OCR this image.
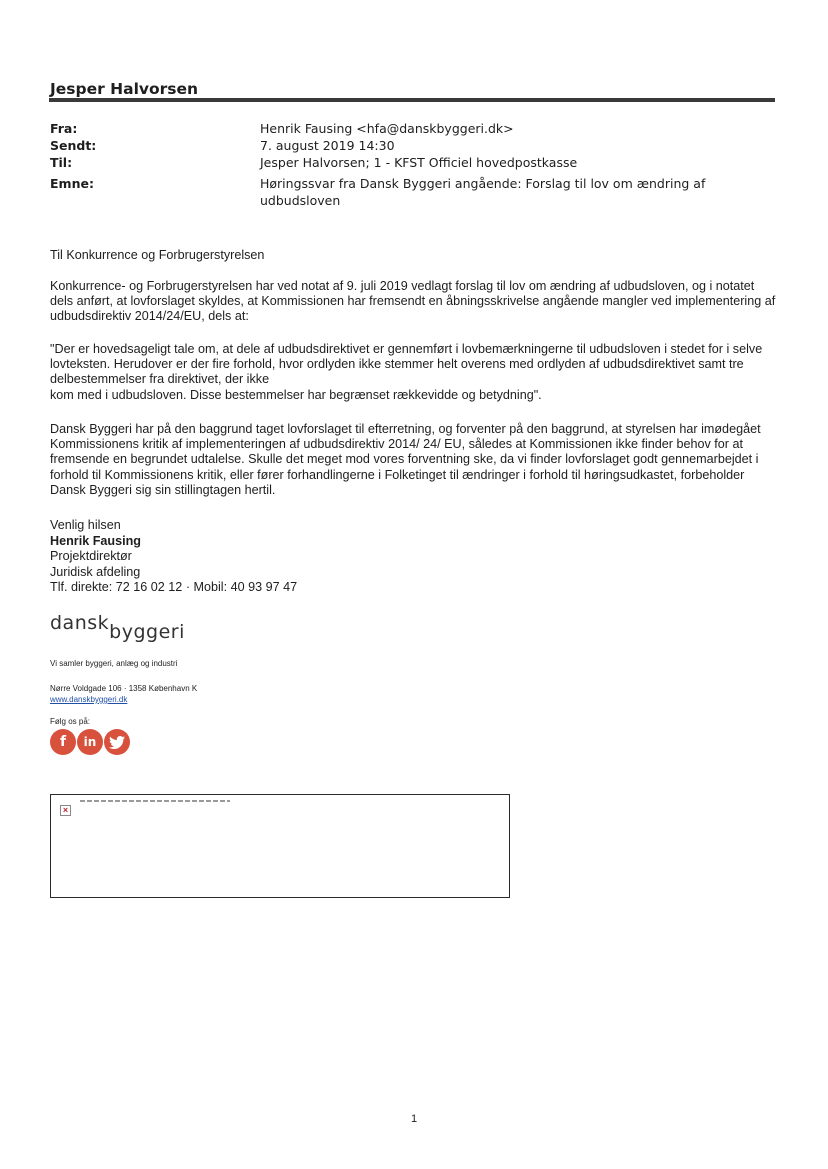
Jesper Halvorsen
Fra:	Henrik Fausing <hfa@danskbyggeri.dk>
Sendt:	7. august 2019 14:30
Til:	Jesper Halvorsen; 1 - KFST Officiel hovedpostkasse
Emne:	Høringssvar fra Dansk Byggeri angående: Forslag til lov om ændring af udbudsloven

Til Konkurrence og Forbrugerstyrelsen

Konkurrence- og Forbrugerstyrelsen har ved notat af 9. juli 2019 vedlagt forslag til lov om ændring af udbudsloven, og i notatet dels anført, at lovforslaget skyldes, at Kommissionen har fremsendt en åbningsskrivelse angående mangler ved implementering af udbudsdirektiv 2014/24/EU, dels at:

"Der er hovedsageligt tale om, at dele af udbudsdirektivet er gennemført i lovbemærkningerne til udbudsloven i stedet for i selve lovteksten. Herudover er der fire forhold, hvor ordlyden ikke stemmer helt overens med ordlyden af udbudsdirektivet samt tre delbestemmelser fra direktivet, der ikke
kom med i udbudsloven. Disse bestemmelser har begrænset rækkevidde og betydning".

Dansk Byggeri har på den baggrund taget lovforslaget til efterretning, og forventer på den baggrund, at styrelsen har imødegået Kommissionens kritik af implementeringen af udbudsdirektiv 2014/ 24/ EU, således at Kommissionen ikke finder behov for at fremsende en begrundet udtalelse. Skulle det meget mod vores forventning ske, da vi finder lovforslaget godt gennemarbejdet i forhold til Kommissionens kritik, eller fører forhandlingerne i Folketinget til ændringer i forhold til høringsudkastet, forbeholder Dansk Byggeri sig sin stillingtagen hertil.

Venlig hilsen
Henrik Fausing
Projektdirektør
Juridisk afdeling
Tlf. direkte: 72 16 02 12 · Mobil: 40 93 97 47
danskbyggeri
Vi samler byggeri, anlæg og industri
Nørre Voldgade 106 · 1358 København K
www.danskbyggeri.dk
Følg os på:
f	in
×
1
